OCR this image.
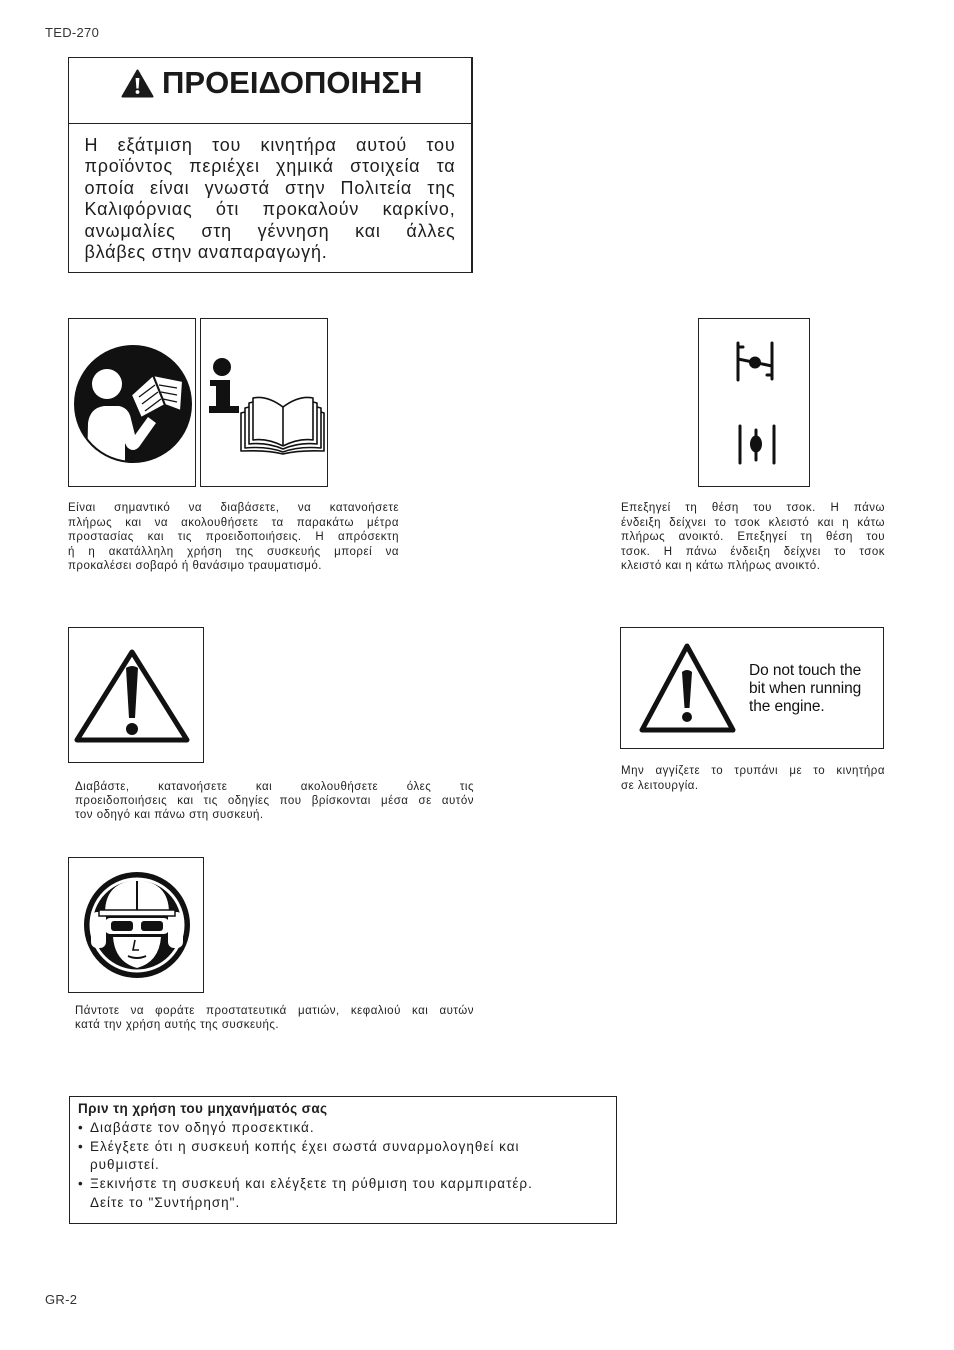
TED-270
ΠΡΟΕΙΔΟΠΟΙΗΣΗ
Η εξάτμιση του κινητήρα αυτού του
προϊόντος περιέχει χημικά στοιχεία τα
οποία είναι γνωστά στην Πολιτεία της
Καλιφόρνιας ότι προκαλούν καρκίνο,
ανωμαλίες στη γέννηση και άλλες
βλάβες στην αναπαραγωγή.
Είναι σημαντικό να διαβάσετε, να κατανοήσετε
πλήρως και να ακολουθήσετε τα παρακάτω μέτρα
προστασίας και τις προειδοποιήσεις. Η απρόσεκτη
ή η ακατάλληλη χρήση της συσκευής μπορεί να
προκαλέσει σοβαρό ή θανάσιμο τραυματισμό.
Επεξηγεί τη θέση του τσοκ. Η πάνω
ένδειξη δείχνει το τσοκ κλειστό και η κάτω
πλήρως ανοικτό. Επεξηγεί τη θέση του
τσοκ. Η πάνω ένδειξη δείχνει το τσοκ
κλειστό και η κάτω πλήρως ανοικτό.
Διαβάστε, κατανοήσετε και ακολουθήσετε όλες τις
προειδοποιήσεις και τις οδηγίες που βρίσκονται μέσα σε αυτόν
τον οδηγό και πάνω στη συσκευή.
Do not touch the
bit when running
the engine.
Μην αγγίζετε το τρυπάνι με το κινητήρα
σε λειτουργία.
Πάντοτε να φοράτε προστατευτικά ματιών, κεφαλιού και αυτών
κατά την χρήση αυτής της συσκευής.
Πριν τη χρήση του μηχανήματός σας
• Διαβάστε τον οδηγό προσεκτικά.
• Ελέγξετε ότι η συσκευή κοπής έχει σωστά συναρμολογηθεί και
ρυθμιστεί.
• Ξεκινήστε τη συσκευή και ελέγξετε τη ρύθμιση του καρμπιρατέρ.
Δείτε το "Συντήρηση".
GR-2
